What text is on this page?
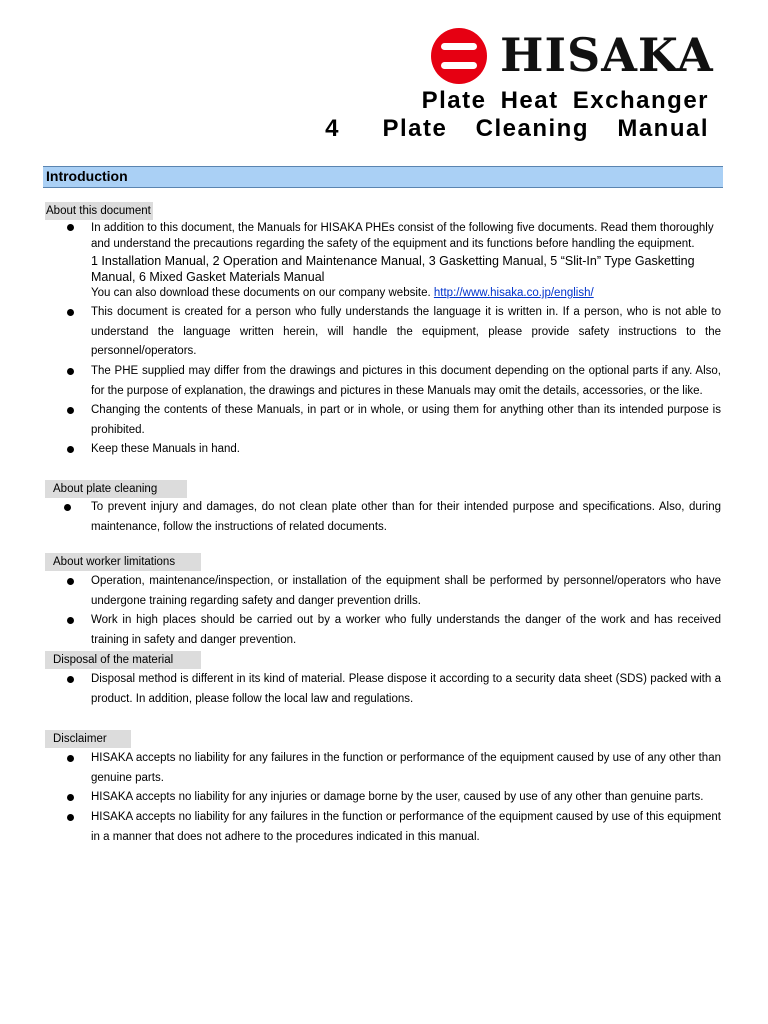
HISAKA
Plate Heat Exchanger
4   Plate  Cleaning  Manual
Introduction
About this document
In addition to this document, the Manuals for HISAKA PHEs consist of the following five documents. Read them thoroughly
and understand the precautions regarding the safety of the equipment and its functions before handling the equipment.
1 Installation Manual, 2 Operation and Maintenance Manual, 3 Gasketting Manual, 5 “Slit-In” Type Gasketting
Manual, 6 Mixed Gasket Materials Manual
You can also download these documents on our company website. http://www.hisaka.co.jp/english/
This document is created for a person who fully understands the language it is written in. If a person, who is not able to understand the language written herein, will handle the equipment, please provide safety instructions to the personnel/operators.
The PHE supplied may differ from the drawings and pictures in this document depending on the optional parts if any. Also, for the purpose of explanation, the drawings and pictures in these Manuals may omit the details, accessories, or the like.
Changing the contents of these Manuals, in part or in whole, or using them for anything other than its intended purpose is prohibited.
Keep these Manuals in hand.
About plate cleaning
To prevent injury and damages, do not clean plate other than for their intended purpose and specifications. Also, during maintenance, follow the instructions of related documents.
About worker limitations
Operation, maintenance/inspection, or installation of the equipment shall be performed by personnel/operators who have undergone training regarding safety and danger prevention drills.
Work in high places should be carried out by a worker who fully understands the danger of the work and has received training in safety and danger prevention.
Disposal of the material
Disposal method is different in its kind of material. Please dispose it according to a security data sheet (SDS) packed with a product. In addition, please follow the local law and regulations.
Disclaimer
HISAKA accepts no liability for any failures in the function or performance of the equipment caused by use of any other than genuine parts.
HISAKA accepts no liability for any injuries or damage borne by the user, caused by use of any other than genuine parts.
HISAKA accepts no liability for any failures in the function or performance of the equipment caused by use of this equipment in a manner that does not adhere to the procedures indicated in this manual.
